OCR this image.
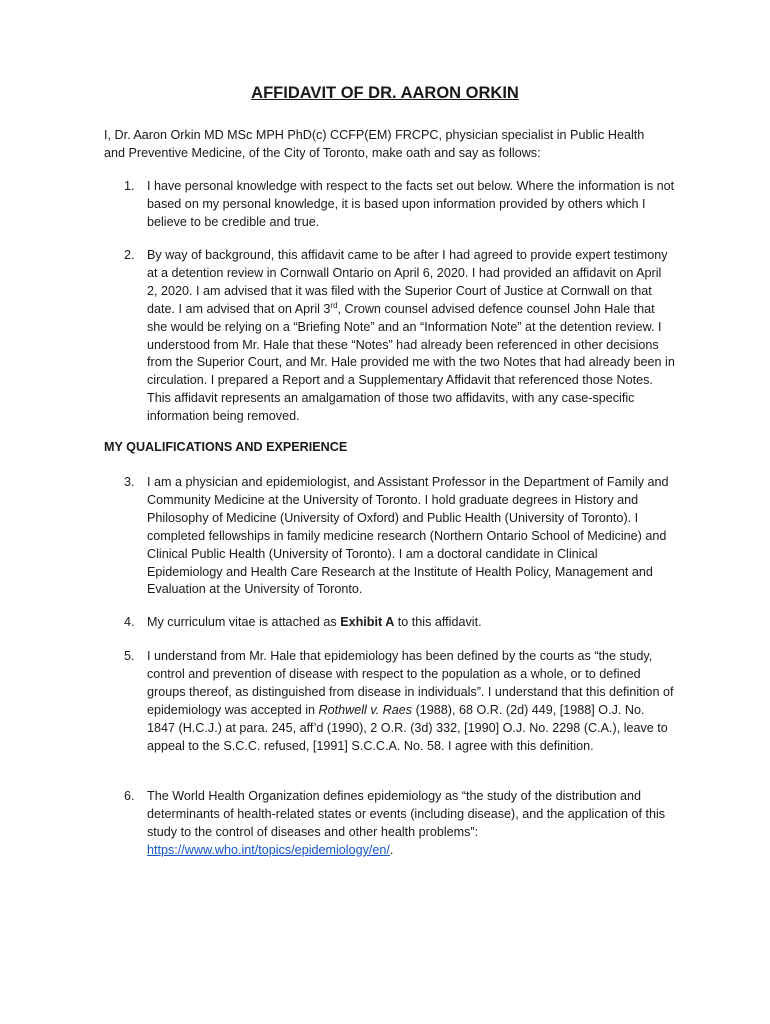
AFFIDAVIT OF DR. AARON ORKIN
I, Dr. Aaron Orkin MD MSc MPH PhD(c) CCFP(EM) FRCPC, physician specialist in Public Health and Preventive Medicine, of the City of Toronto, make oath and say as follows:
1. I have personal knowledge with respect to the facts set out below. Where the information is not based on my personal knowledge, it is based upon information provided by others which I believe to be credible and true.
2. By way of background, this affidavit came to be after I had agreed to provide expert testimony at a detention review in Cornwall Ontario on April 6, 2020. I had provided an affidavit on April 2, 2020. I am advised that it was filed with the Superior Court of Justice at Cornwall on that date. I am advised that on April 3rd, Crown counsel advised defence counsel John Hale that she would be relying on a “Briefing Note” and an “Information Note” at the detention review. I understood from Mr. Hale that these “Notes” had already been referenced in other decisions from the Superior Court, and Mr. Hale provided me with the two Notes that had already been in circulation. I prepared a Report and a Supplementary Affidavit that referenced those Notes. This affidavit represents an amalgamation of those two affidavits, with any case-specific information being removed.
MY QUALIFICATIONS AND EXPERIENCE
3. I am a physician and epidemiologist, and Assistant Professor in the Department of Family and Community Medicine at the University of Toronto. I hold graduate degrees in History and Philosophy of Medicine (University of Oxford) and Public Health (University of Toronto). I completed fellowships in family medicine research (Northern Ontario School of Medicine) and Clinical Public Health (University of Toronto). I am a doctoral candidate in Clinical Epidemiology and Health Care Research at the Institute of Health Policy, Management and Evaluation at the University of Toronto.
4. My curriculum vitae is attached as Exhibit A to this affidavit.
5. I understand from Mr. Hale that epidemiology has been defined by the courts as “the study, control and prevention of disease with respect to the population as a whole, or to defined groups thereof, as distinguished from disease in individuals”. I understand that this definition of epidemiology was accepted in Rothwell v. Raes (1988), 68 O.R. (2d) 449, [1988] O.J. No. 1847 (H.C.J.) at para. 245, aff’d (1990), 2 O.R. (3d) 332, [1990] O.J. No. 2298 (C.A.), leave to appeal to the S.C.C. refused, [1991] S.C.C.A. No. 58. I agree with this definition.
6. The World Health Organization defines epidemiology as “the study of the distribution and determinants of health-related states or events (including disease), and the application of this study to the control of diseases and other health problems”: https://www.who.int/topics/epidemiology/en/.
